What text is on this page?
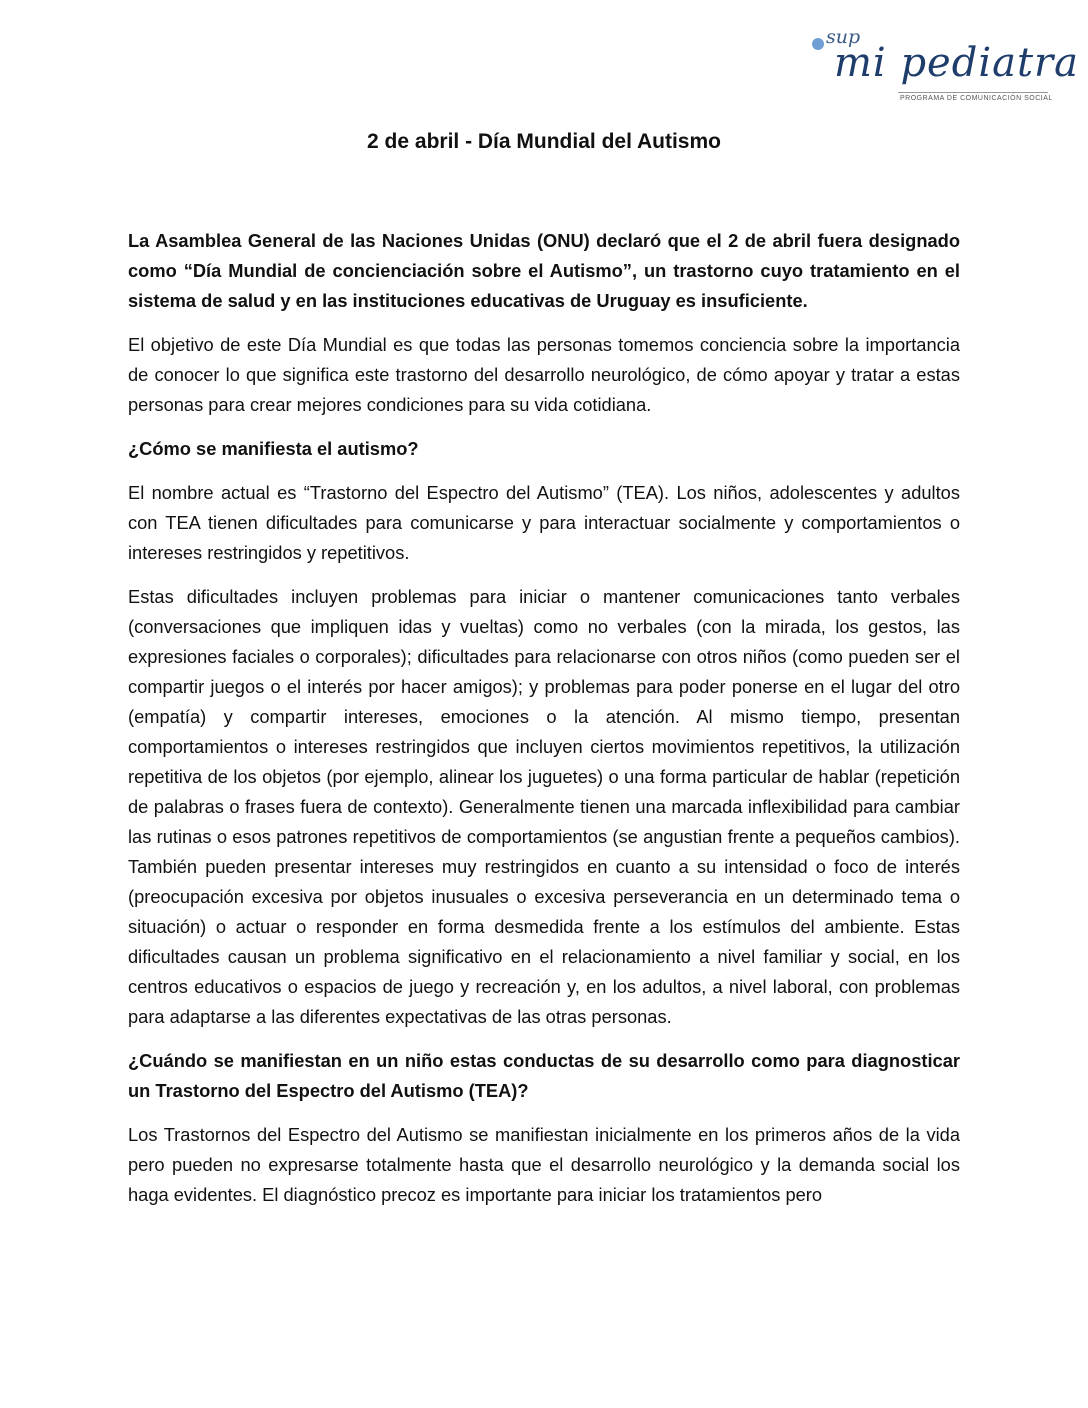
sup
mi pediatra
PROGRAMA DE COMUNICACIÓN SOCIAL
2 de abril - Día Mundial del Autismo

La Asamblea General de las Naciones Unidas (ONU) declaró que el 2 de abril fuera designado como “Día Mundial de concienciación sobre el Autismo”, un trastorno cuyo tratamiento en el sistema de salud y en las instituciones educativas de Uruguay es insuficiente.

El objetivo de este Día Mundial es que todas las personas tomemos conciencia sobre la importancia de conocer lo que significa este trastorno del desarrollo neurológico, de cómo apoyar y tratar a estas personas para crear mejores condiciones para su vida cotidiana.

¿Cómo se manifiesta el autismo?

El nombre actual es “Trastorno del Espectro del Autismo” (TEA). Los niños, adolescentes y adultos con TEA tienen dificultades para comunicarse y para interactuar socialmente y comportamientos o intereses restringidos y repetitivos.

Estas dificultades incluyen problemas para iniciar o mantener comunicaciones tanto verbales (conversaciones que impliquen idas y vueltas) como no verbales (con la mirada, los gestos, las expresiones faciales o corporales); dificultades para relacionarse con otros niños (como pueden ser el compartir juegos o el interés por hacer amigos); y problemas para poder ponerse en el lugar del otro (empatía) y compartir intereses, emociones o la atención. Al mismo tiempo, presentan comportamientos o intereses restringidos que incluyen ciertos movimientos repetitivos, la utilización repetitiva de los objetos (por ejemplo, alinear los juguetes) o una forma particular de hablar (repetición de palabras o frases fuera de contexto). Generalmente tienen una marcada inflexibilidad para cambiar las rutinas o esos patrones repetitivos de comportamientos (se angustian frente a pequeños cambios). También pueden presentar intereses muy restringidos en cuanto a su intensidad o foco de interés (preocupación excesiva por objetos inusuales o excesiva perseverancia en un determinado tema o situación) o actuar o responder en forma desmedida frente a los estímulos del ambiente. Estas dificultades causan un problema significativo en el relacionamiento a nivel familiar y social, en los centros educativos o espacios de juego y recreación y, en los adultos, a nivel laboral, con problemas para adaptarse a las diferentes expectativas de las otras personas.

¿Cuándo se manifiestan en un niño estas conductas de su desarrollo como para diagnosticar un Trastorno del Espectro del Autismo (TEA)?

Los Trastornos del Espectro del Autismo se manifiestan inicialmente en los primeros años de la vida pero pueden no expresarse totalmente hasta que el desarrollo neurológico y la demanda social los haga evidentes. El diagnóstico precoz es importante para iniciar los tratamientos pero
